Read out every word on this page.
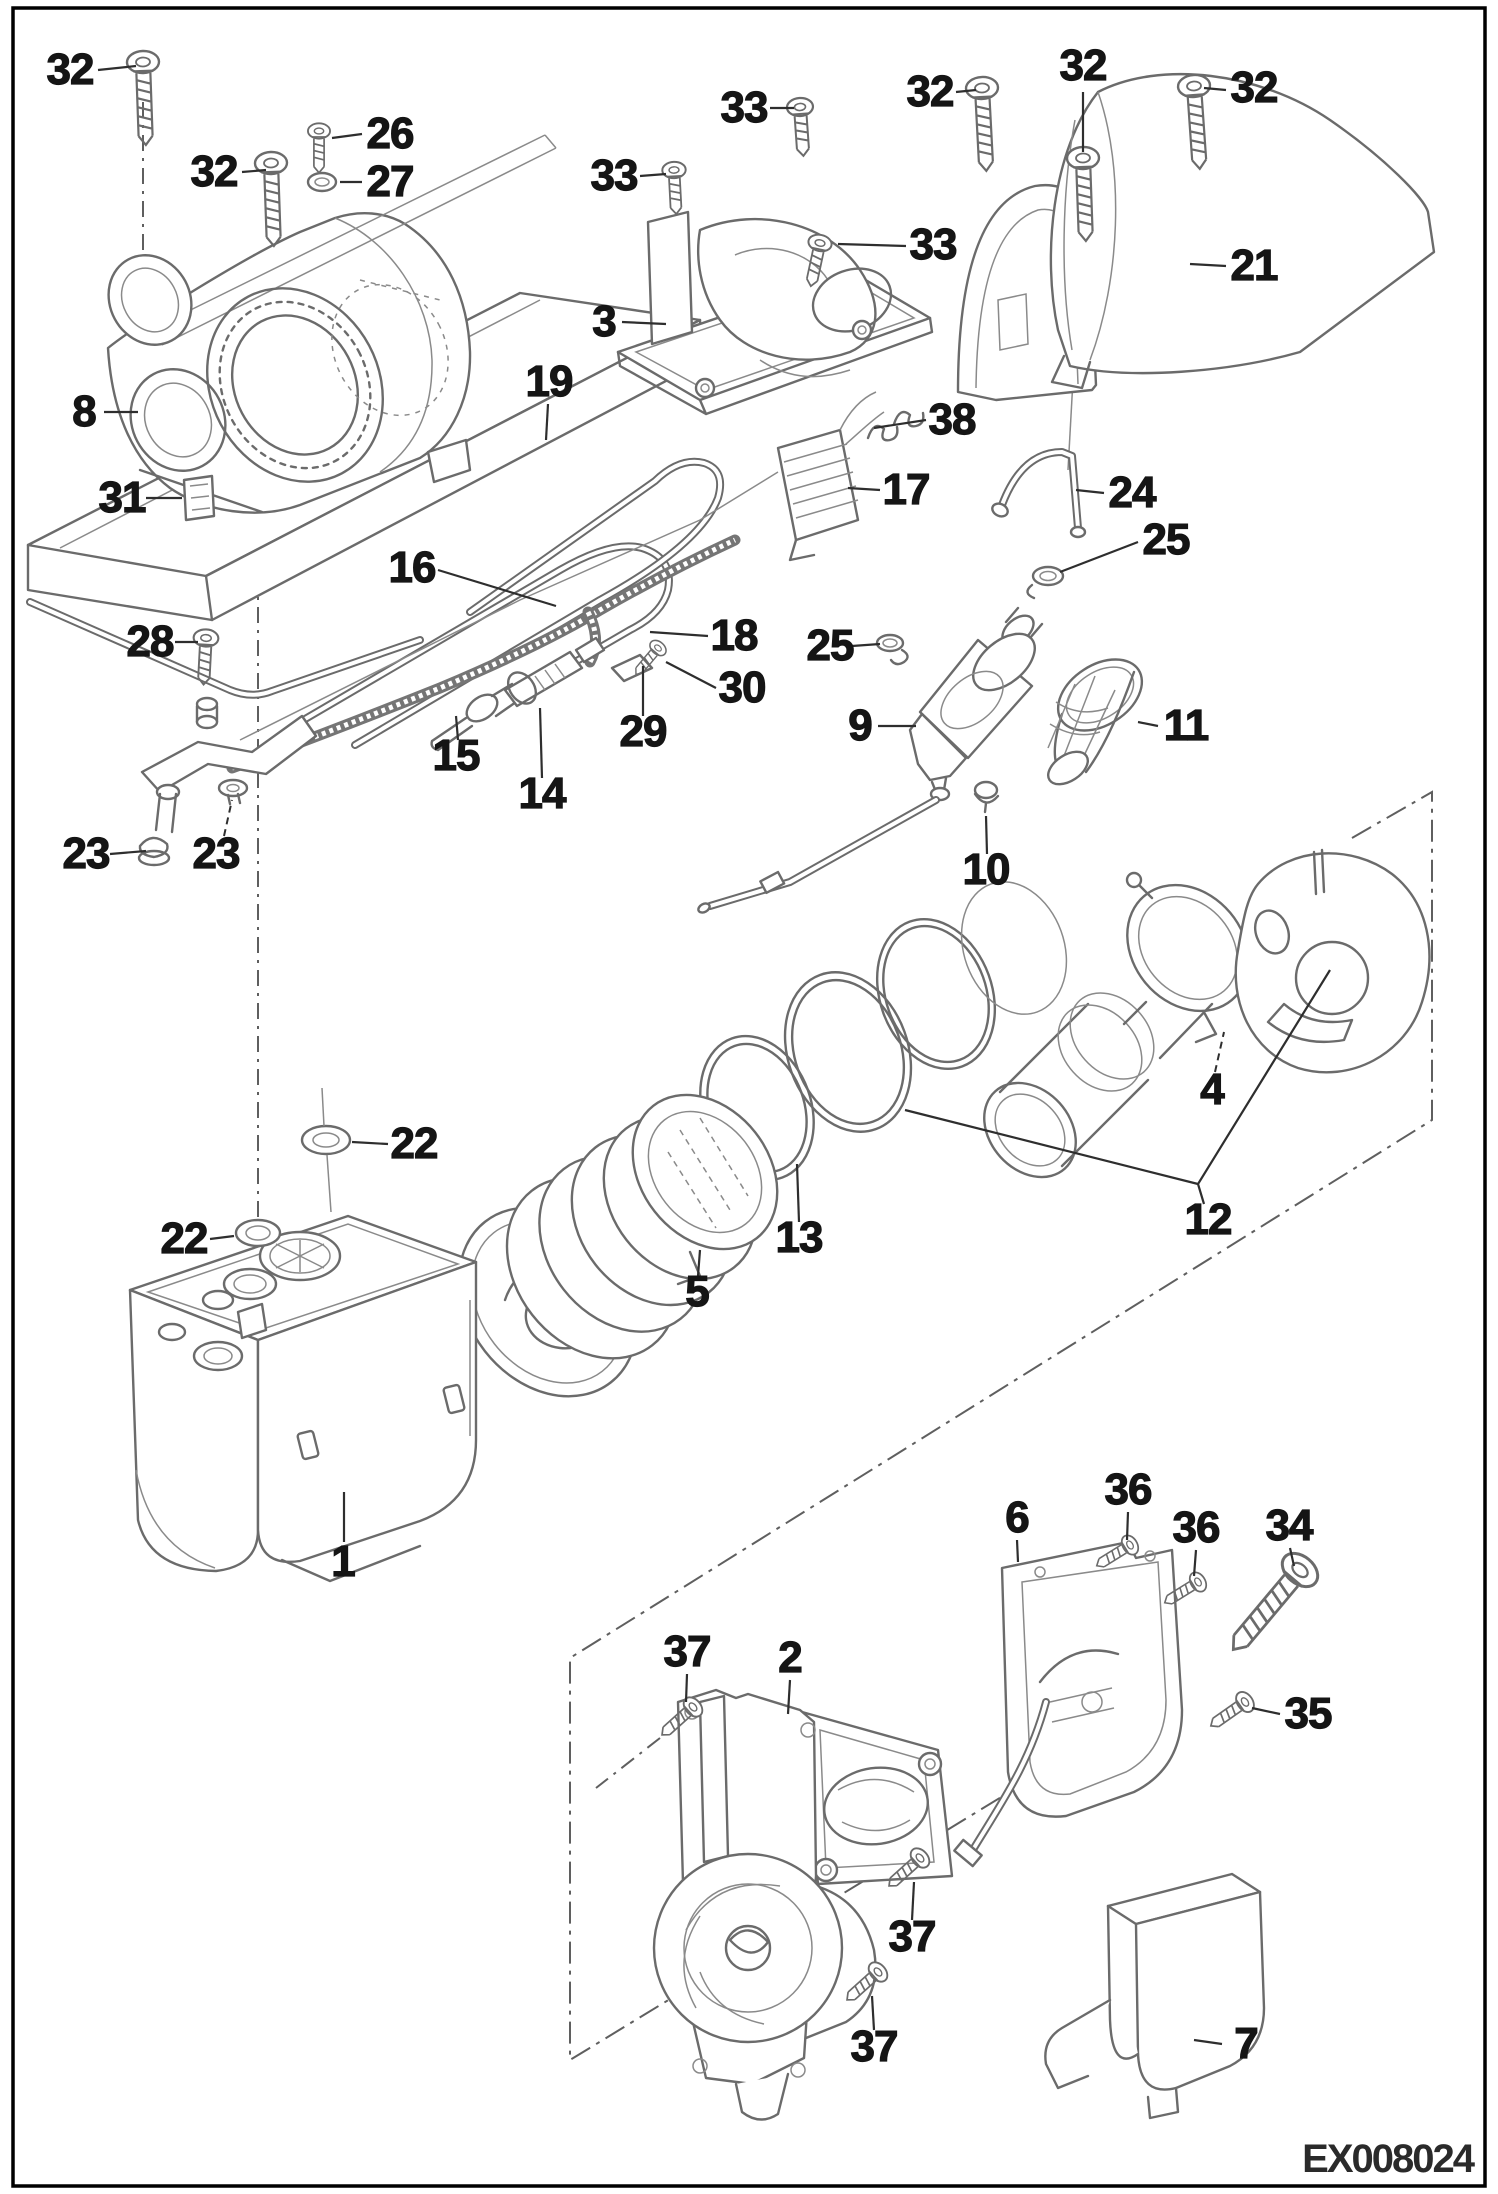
32
26
32	27
33	32
32	32
33
33	21
3
8
19
38
31	17	24
25
16
28	18 25
30
29	9
15
14
11
10
23 23
4
12
13
5
22
22
1
6
36
36 34
35
37 2
37
37	7
EX008024
